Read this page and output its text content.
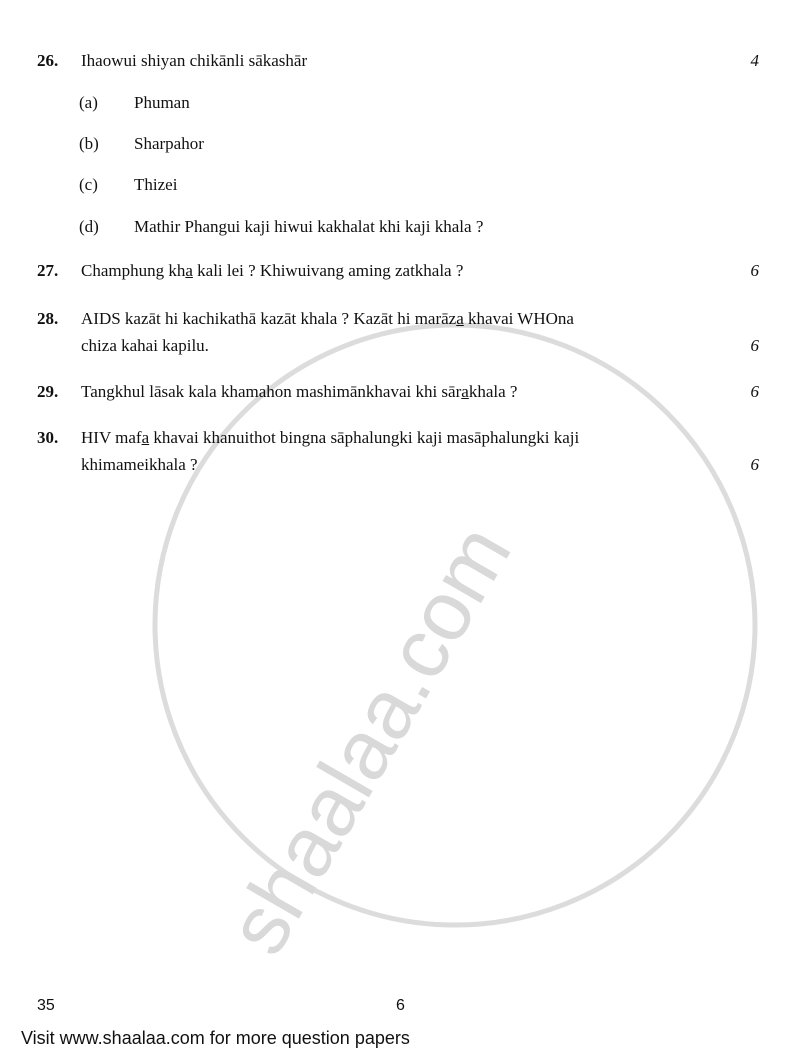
shaalaa.com
26. Ihaowui shiyan chikānli sākashār	4
(a) Phuman
(b) Sharpahor
(c) Thizei
(d) Mathir Phangui kaji hiwui kakhalat khi kaji khala ?
27. Champhung kha kali lei ? Khiwuivang aming zatkhala ?	6
28. AIDS kazāt hi kachikathā kazāt khala ? Kazāt hi marāza khavai WHOna
chiza kahai kapilu.	6
29. Tangkhul lāsak kala khamahon mashimānkhavai khi sārakhala ?	6
30. HIV mafa khavai khanuithot bingna sāphalungki kaji masāphalungki kaji
khimameikhala ?	6
35	6
Visit www.shaalaa.com for more question papers
